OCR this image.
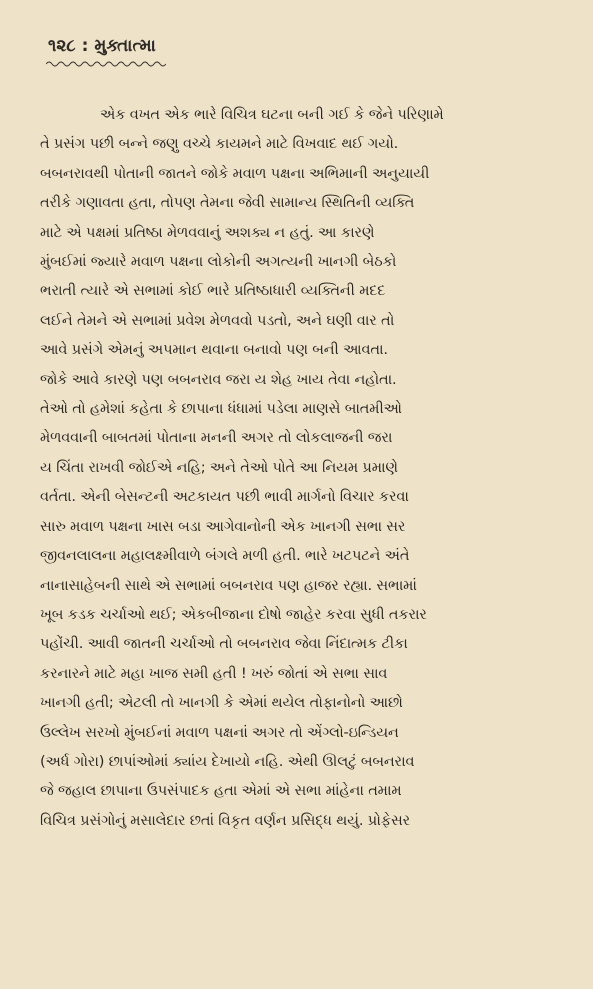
૧૨૮ : મુક્તાત્મા
એક વખત એક ભારે વિચિત્ર ઘટના બની ગઈ કે જેને પરિણામે
તે પ્રસંગ પછી બન્ને જણુ વચ્ચે કાયમને માટે વિખવાદ થઈ ગયો.
બબનરાવથી પોતાની જાતને જોકે મવાળ પક્ષના અભિમાની અનુયાયી
તરીકે ગણાવતા હતા, તોપણ તેમના જેવી સામાન્ય સ્થિતિની વ્યક્તિ
માટે એ પક્ષમાં પ્રતિષ્ઠા મેળવવાનું અશક્ય ન હતું. આ કારણે
મુંબઈમાં જ્યારે મવાળ પક્ષના લોકોની અગત્યની ખાનગી બેઠકો
ભરાતી ત્યારે એ સભામાં કોઈ ભારે પ્રતિષ્ઠાધારી વ્યક્તિની મદદ
લઈને તેમને એ સભામાં પ્રવેશ મેળવવો પડતો, અને ઘણી વાર તો
આવે પ્રસંગે એમનું અપમાન થવાના બનાવો પણ બની આવતા.
જોકે આવે કારણે પણ બબનરાવ જરા ય શેહ ખાય તેવા નહોતા.
તેઓ તો હમેશાં કહેતા કે છાપાના ધંધામાં પડેલા માણસે બાતમીઓ
મેળવવાની બાબતમાં પોતાના મનની અગર તો લોકલાજની જરા
ય ચિંતા રાખવી જોઈએ નહિ; અને તેઓ પોતે આ નિયમ પ્રમાણે
વર્તતા. એની બેસન્ટની અટકાયત પછી ભાવી માર્ગનો વિચાર કરવા
સારુ મવાળ પક્ષના ખાસ બડા આગેવાનોની એક ખાનગી સભા સર
જીવનલાલના મહાલક્ષ્મીવાળે બંગલે મળી હતી. ભારે ખટપટને અંતે
નાનાસાહેબની સાથે એ સભામાં બબનરાવ પણ હાજર રહ્યા. સભામાં
ખૂબ કડક ચર્ચાઓ થઈ; એકબીજાના દોષો જાહેર કરવા સુધી તકરાર
પહોંચી. આવી જાતની ચર્ચાઓ તો બબનરાવ જેવા નિંદાત્મક ટીકા
કરનારને માટે મહા ખાજ સમી હતી ! ખરું જોતાં એ સભા સાવ
ખાનગી હતી; એટલી તો ખાનગી કે એમાં થયેલ તોફાનોનો આછો
ઉલ્લેખ સરખો મુંબઈનાં મવાળ પક્ષનાં અગર તો એંગ્લો-ઇન્ડિયન
(અર્ધ ગોરા) છાપાંઓમાં ક્યાંય દેખાયો નહિ. એથી ઊલટું બબનરાવ
જે જહાલ છાપાના ઉપસંપાદક હતા એમાં એ સભા માંહેના તમામ
વિચિત્ર પ્રસંગોનું મસાલેદાર છતાં વિકૃત વર્ણન પ્રસિદ્ધ થયું. પ્રોફેસર
